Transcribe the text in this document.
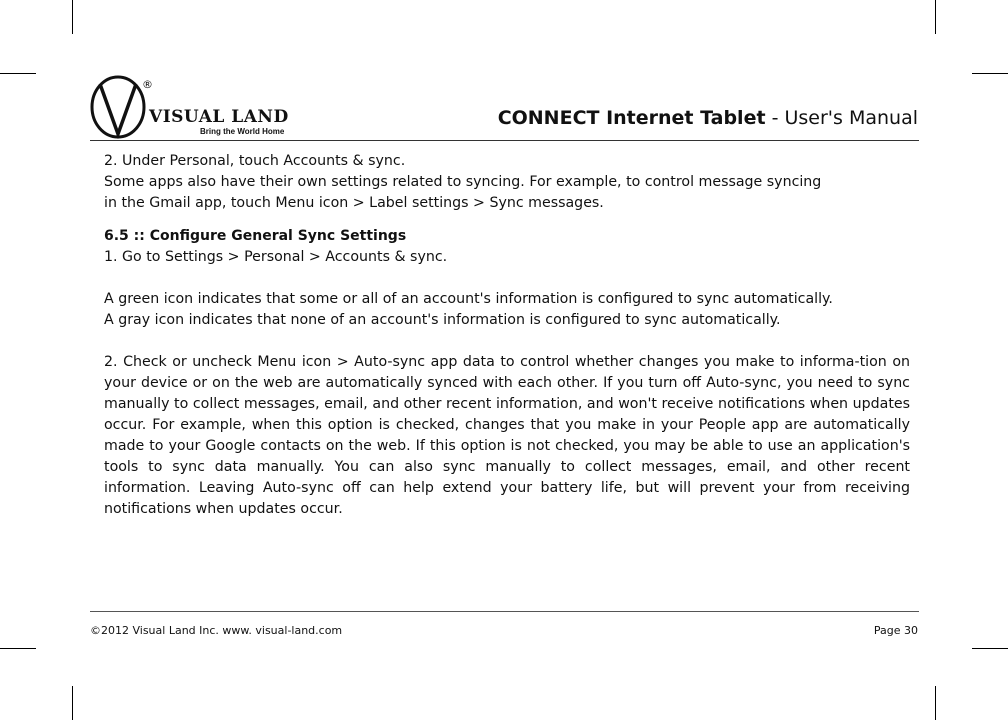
®
VISUAL LAND
Bring the World Home
CONNECT Internet Tablet - User's Manual

2. Under Personal, touch Accounts & sync.

Some apps also have their own settings related to syncing. For example, to control message syncing

in the Gmail app, touch Menu icon > Label settings > Sync messages.

6.5 :: Configure General Sync Settings

1. Go to Settings > Personal > Accounts & sync.

A green icon indicates that some or all of an account's information is configured to sync automatically.

A gray icon indicates that none of an account's information is configured to sync automatically.

2. Check or uncheck Menu icon > Auto-sync app data to control whether changes you make to informa-tion on your device or on the web are automatically synced with each other. If you turn off Auto-sync, you need to sync manually to collect messages, email, and other recent information, and won't receive notifications when updates occur. For example, when this option is checked, changes that you make in your People app are automatically made to your Google contacts on the web. If this option is not checked, you may be able to use an application's tools to sync data manually. You can also sync manually to collect messages, email, and other recent information. Leaving Auto-sync off can help extend your battery life, but will prevent your from receiving notifications when updates occur.

©2012 Visual Land Inc. www. visual-land.com	Page 30
